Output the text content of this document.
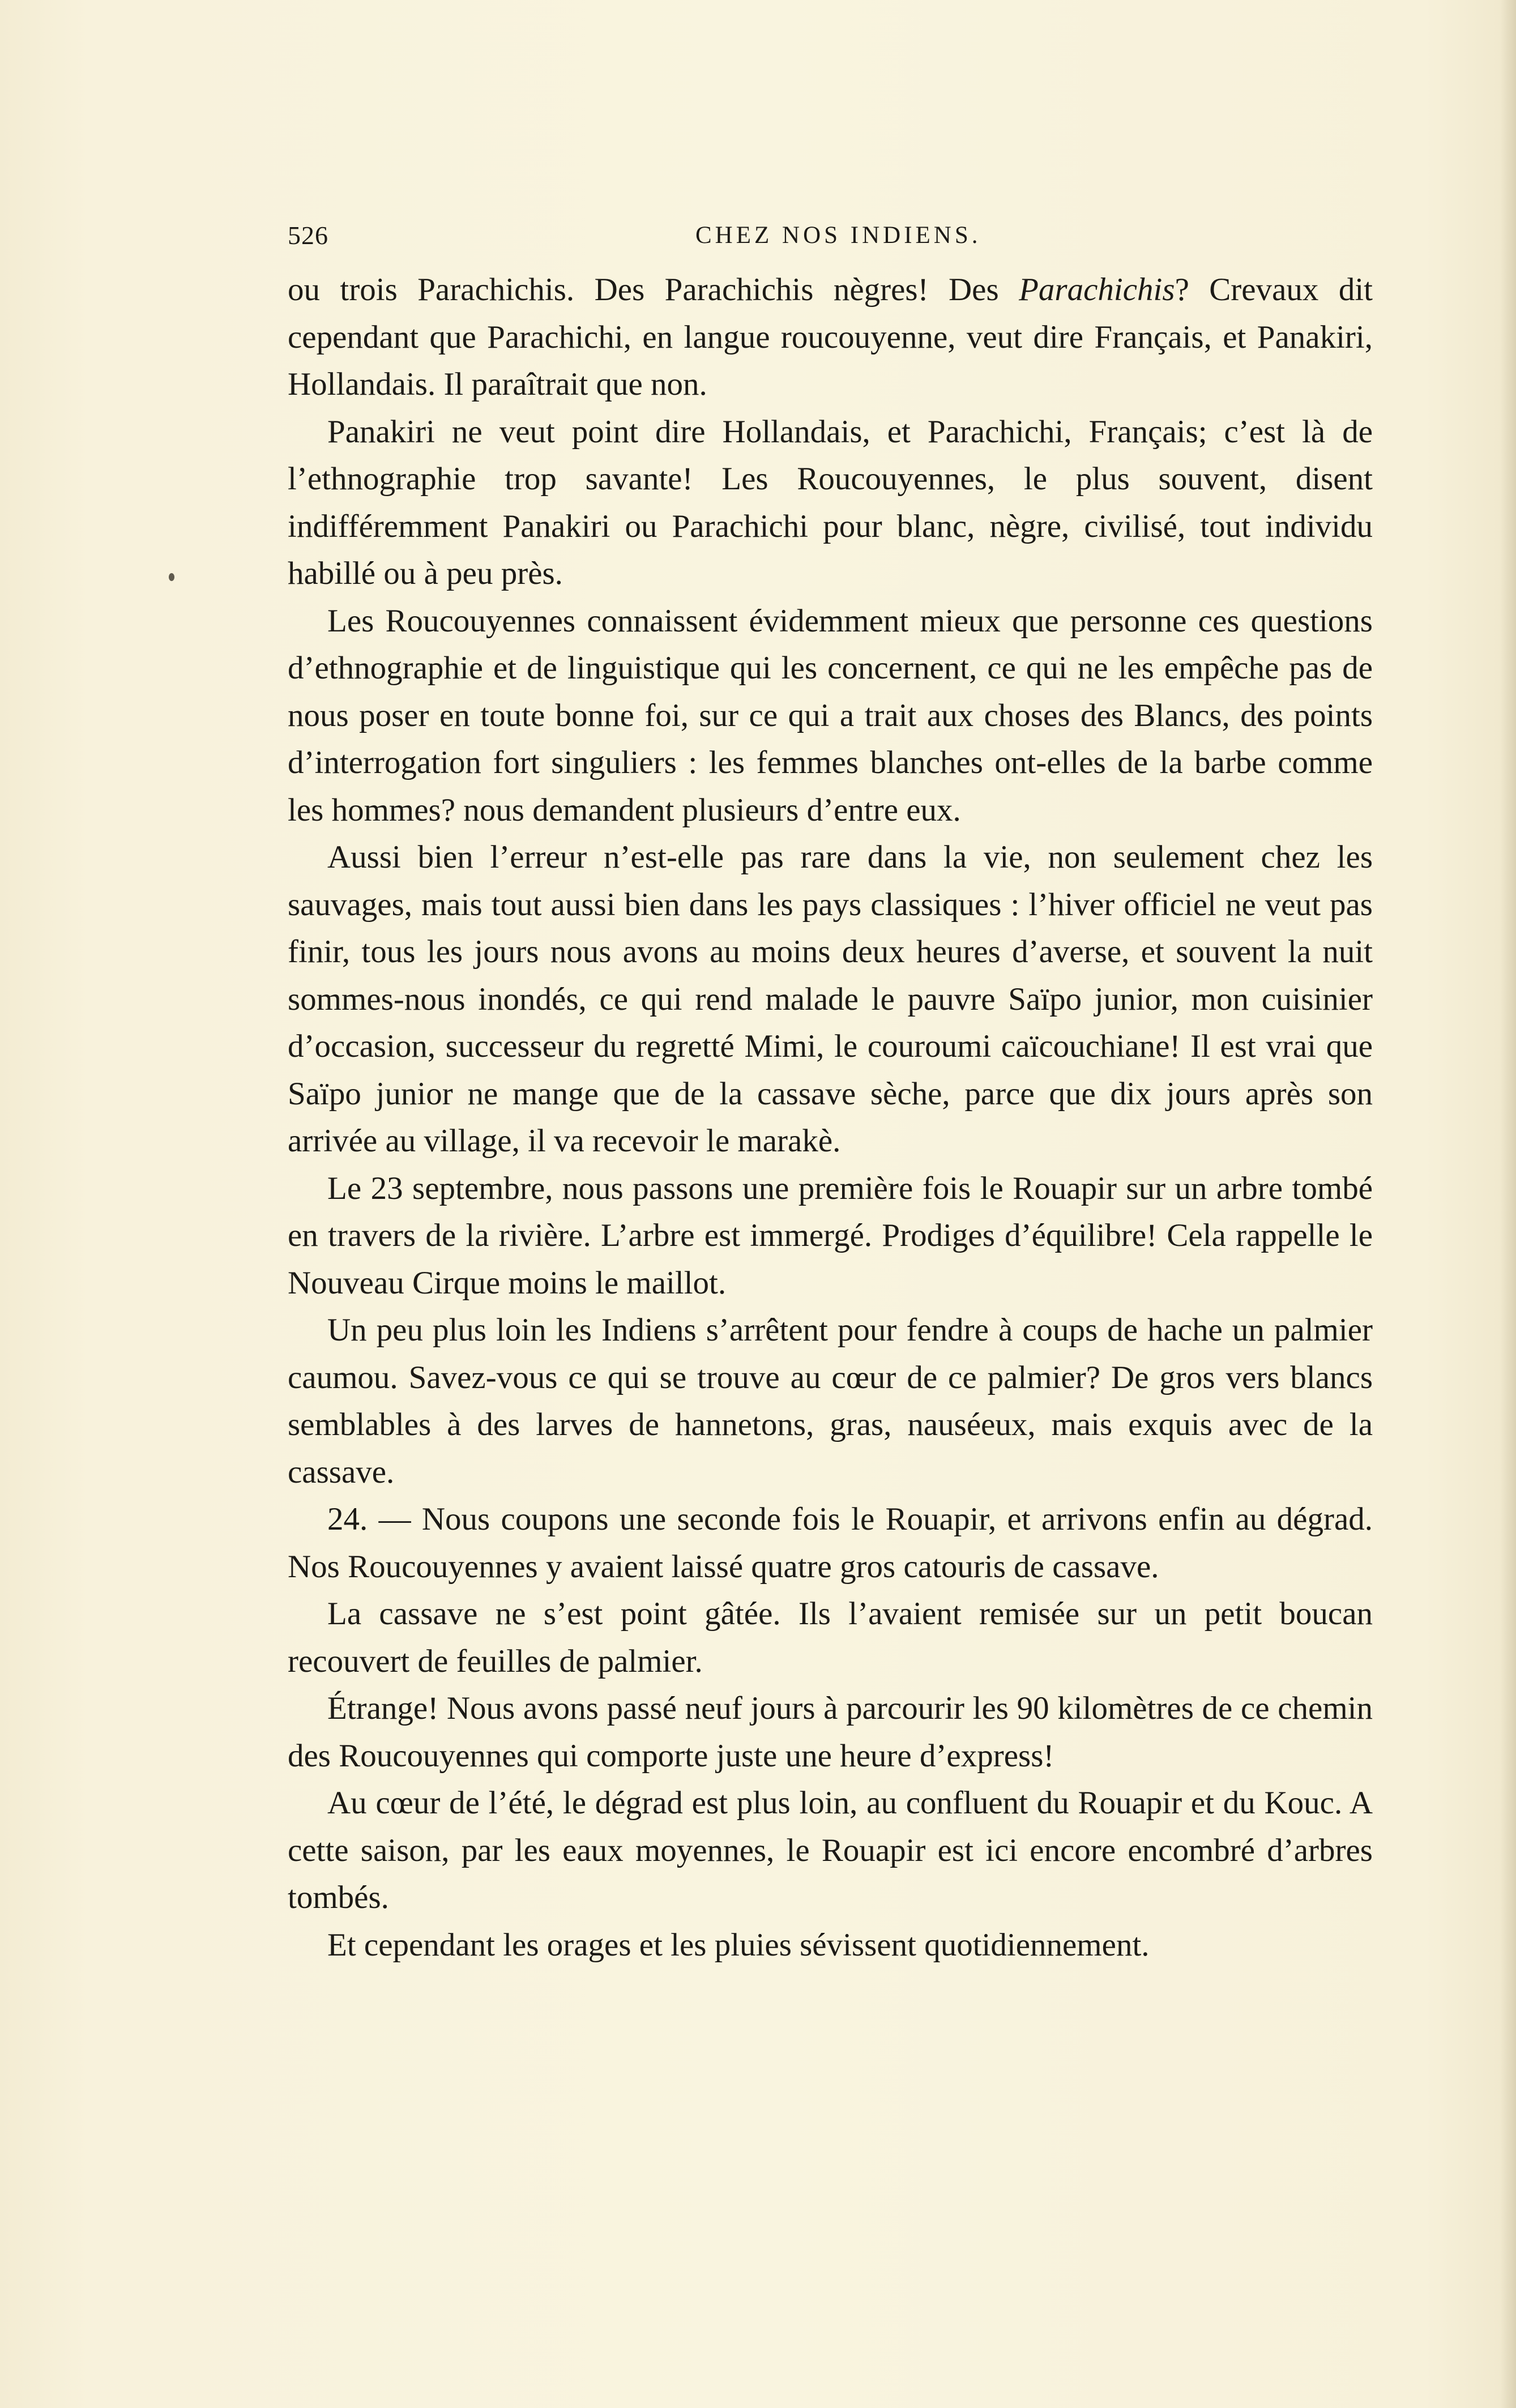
526	CHEZ NOS INDIENS.

ou trois Parachichis. Des Parachichis nègres! Des Parachichis? Crevaux dit cependant que Parachichi, en langue roucouyenne, veut dire Français, et Panakiri, Hollandais. Il paraîtrait que non.

Panakiri ne veut point dire Hollandais, et Parachichi, Français; c’est là de l’ethnographie trop savante! Les Roucouyennes, le plus souvent, disent indifféremment Panakiri ou Parachichi pour blanc, nègre, civilisé, tout individu habillé ou à peu près.

Les Roucouyennes connaissent évidemment mieux que personne ces questions d’ethnographie et de linguistique qui les concernent, ce qui ne les empêche pas de nous poser en toute bonne foi, sur ce qui a trait aux choses des Blancs, des points d’interrogation fort singuliers : les femmes blanches ont-elles de la barbe comme les hommes? nous demandent plusieurs d’entre eux.

Aussi bien l’erreur n’est-elle pas rare dans la vie, non seulement chez les sauvages, mais tout aussi bien dans les pays classiques : l’hiver officiel ne veut pas finir, tous les jours nous avons au moins deux heures d’averse, et souvent la nuit sommes-nous inondés, ce qui rend malade le pauvre Saïpo junior, mon cuisinier d’occasion, successeur du regretté Mimi, le couroumi caïcouchiane! Il est vrai que Saïpo junior ne mange que de la cassave sèche, parce que dix jours après son arrivée au village, il va recevoir le marakè.

Le 23 septembre, nous passons une première fois le Rouapir sur un arbre tombé en travers de la rivière. L’arbre est immergé. Prodiges d’équilibre! Cela rappelle le Nouveau Cirque moins le maillot.

Un peu plus loin les Indiens s’arrêtent pour fendre à coups de hache un palmier caumou. Savez-vous ce qui se trouve au cœur de ce palmier? De gros vers blancs semblables à des larves de hannetons, gras, nauséeux, mais exquis avec de la cassave.

24. — Nous coupons une seconde fois le Rouapir, et arrivons enfin au dégrad. Nos Roucouyennes y avaient laissé quatre gros catouris de cassave.

La cassave ne s’est point gâtée. Ils l’avaient remisée sur un petit boucan recouvert de feuilles de palmier.

Étrange! Nous avons passé neuf jours à parcourir les 90 kilomètres de ce chemin des Roucouyennes qui comporte juste une heure d’express!

Au cœur de l’été, le dégrad est plus loin, au confluent du Rouapir et du Kouc. A cette saison, par les eaux moyennes, le Rouapir est ici encore encombré d’arbres tombés.

Et cependant les orages et les pluies sévissent quotidiennement.
